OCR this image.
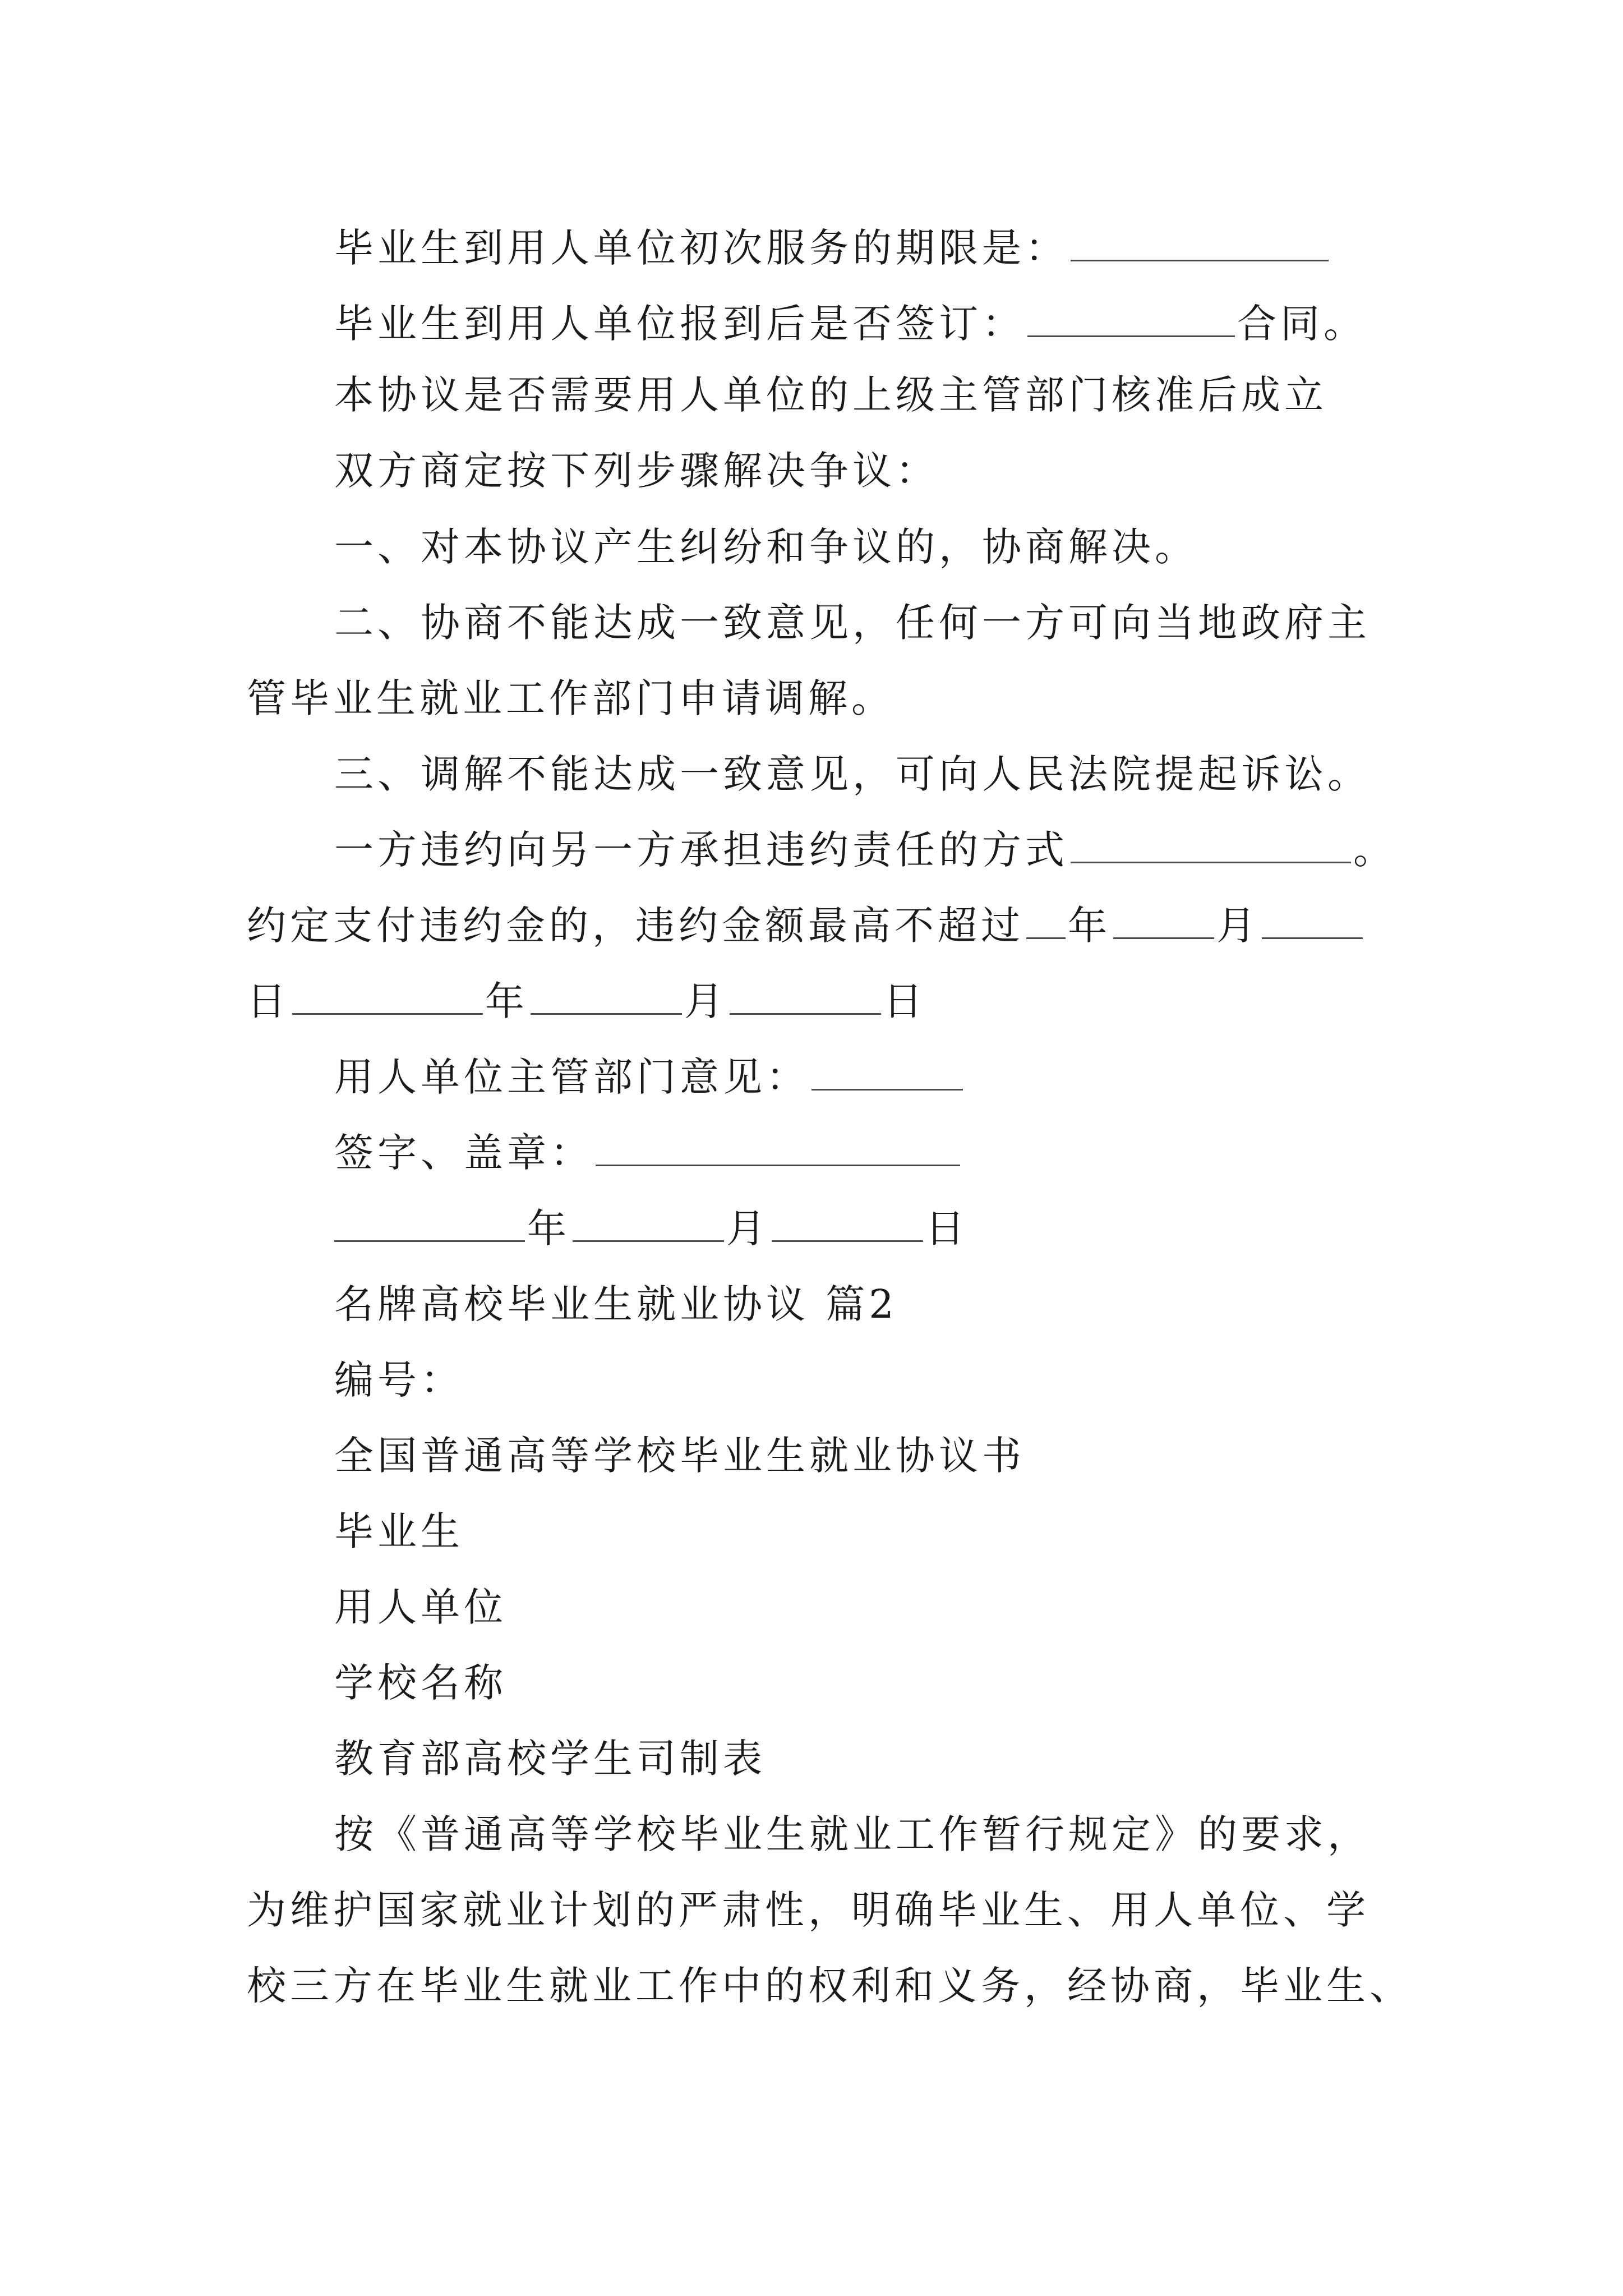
毕业生到用人单位初次服务的期限是：
毕业生到用人单位报到后是否签订：	合同。
本协议是否需要用人单位的上级主管部门核准后成立
双方商定按下列步骤解决争议：
一、对本协议产生纠纷和争议的，协商解决。
二、协商不能达成一致意见，任何一方可向当地政府主
管毕业生就业工作部门申请调解。
三、调解不能达成一致意见，可向人民法院提起诉讼。
一方违约向另一方承担违约责任的方式	。
约定支付违约金的，违约金额最高不超过 年	月
日	年	月	日
用人单位主管部门意见：
签字、盖章：
年	月	日
名牌高校毕业生就业协议 篇2
编号：
全国普通高等学校毕业生就业协议书
毕业生
用人单位
学校名称
教育部高校学生司制表
按《普通高等学校毕业生就业工作暂行规定》的要求，
为维护国家就业计划的严肃性，明确毕业生、用人单位、学
校三方在毕业生就业工作中的权利和义务，经协商，毕业生、
